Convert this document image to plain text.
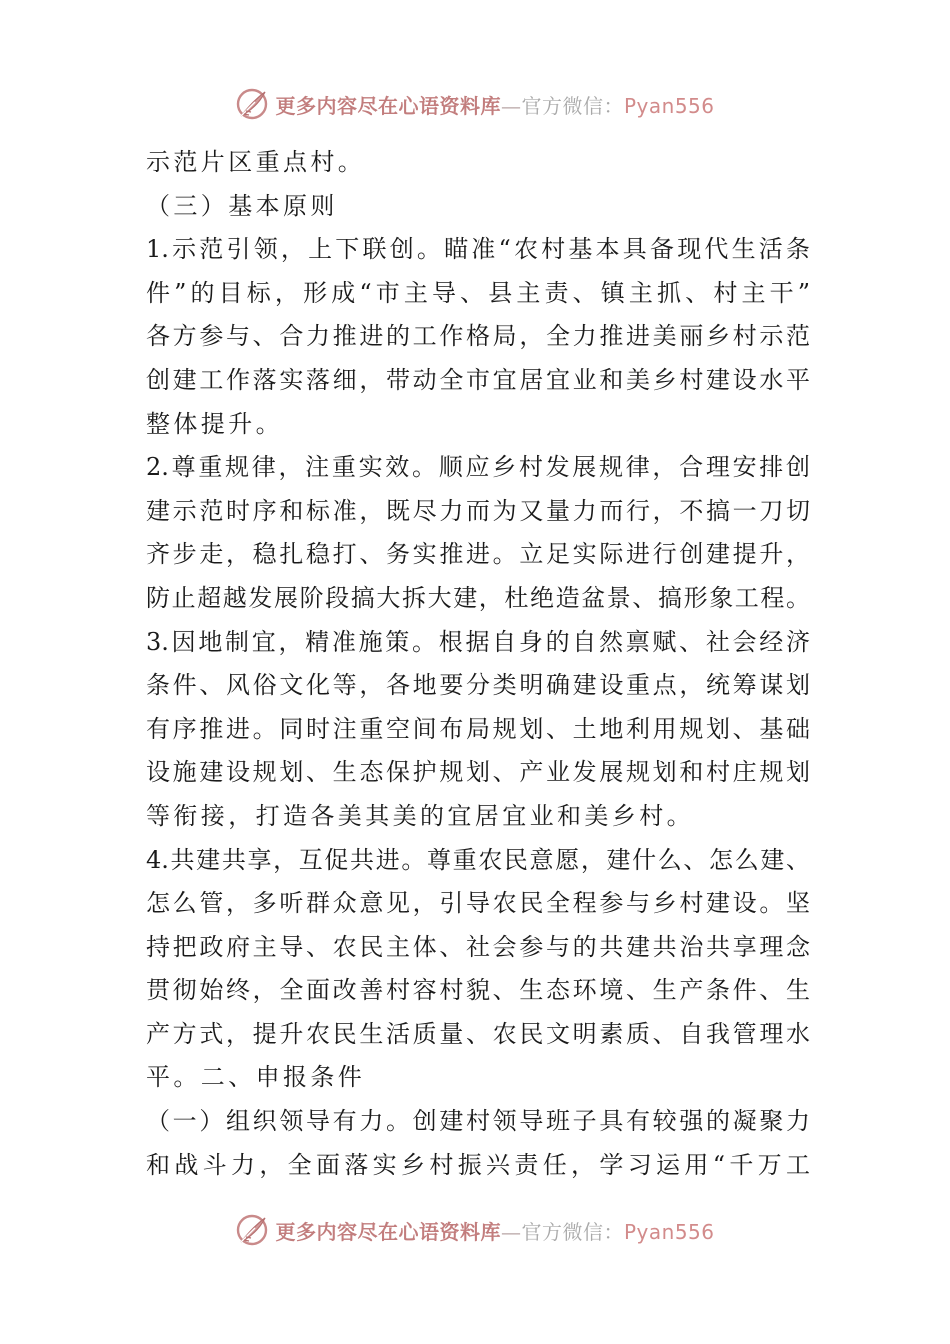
更多内容尽在心语资料库—官方微信：Pyan556
示范片区重点村。
（三）基本原则
1.示范引领，上下联创。瞄准“农村基本具备现代生活条
件”的目标，形成“市主导、县主责、镇主抓、村主干”
各方参与、合力推进的工作格局，全力推进美丽乡村示范
创建工作落实落细，带动全市宜居宜业和美乡村建设水平
整体提升。
2.尊重规律，注重实效。顺应乡村发展规律，合理安排创
建示范时序和标准，既尽力而为又量力而行，不搞一刀切
齐步走，稳扎稳打、务实推进。立足实际进行创建提升，
防止超越发展阶段搞大拆大建，杜绝造盆景、搞形象工程。
3.因地制宜，精准施策。根据自身的自然禀赋、社会经济
条件、风俗文化等，各地要分类明确建设重点，统筹谋划
有序推进。同时注重空间布局规划、土地利用规划、基础
设施建设规划、生态保护规划、产业发展规划和村庄规划
等衔接，打造各美其美的宜居宜业和美乡村。
4.共建共享，互促共进。尊重农民意愿，建什么、怎么建、
怎么管，多听群众意见，引导农民全程参与乡村建设。坚
持把政府主导、农民主体、社会参与的共建共治共享理念
贯彻始终，全面改善村容村貌、生态环境、生产条件、生
产方式，提升农民生活质量、农民文明素质、自我管理水
平。二、申报条件
（一）组织领导有力。创建村领导班子具有较强的凝聚力
和战斗力，全面落实乡村振兴责任，学习运用“千万工
更多内容尽在心语资料库—官方微信：Pyan556
